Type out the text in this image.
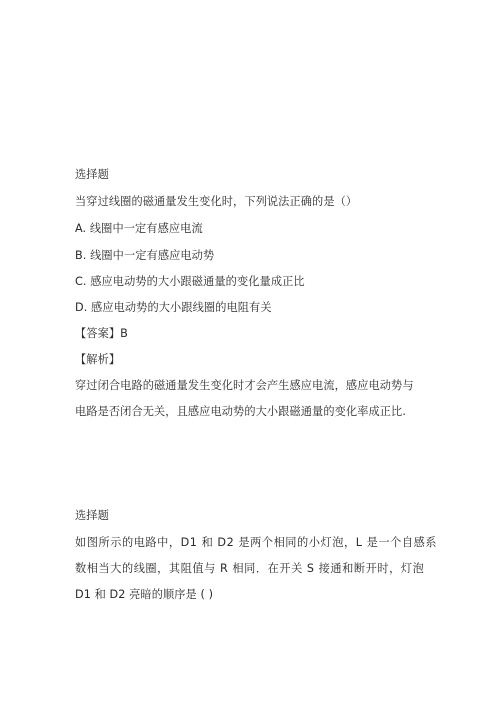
选择题
当穿过线圈的磁通量发生变化时，下列说法正确的是（）
A. 线圈中一定有感应电流
B. 线圈中一定有感应电动势
C. 感应电动势的大小跟磁通量的变化量成正比
D. 感应电动势的大小跟线圈的电阻有关
【答案】B
【解析】
穿过闭合电路的磁通量发生变化时才会产生感应电流，感应电动势与
电路是否闭合无关，且感应电动势的大小跟磁通量的变化率成正比.
选择题
如图所示的电路中，D1 和 D2 是两个相同的小灯泡，L 是一个自感系
数相当大的线圈，其阻值与 R 相同．在开关 S 接通和断开时，灯泡
D1 和 D2 亮暗的顺序是 ( )
